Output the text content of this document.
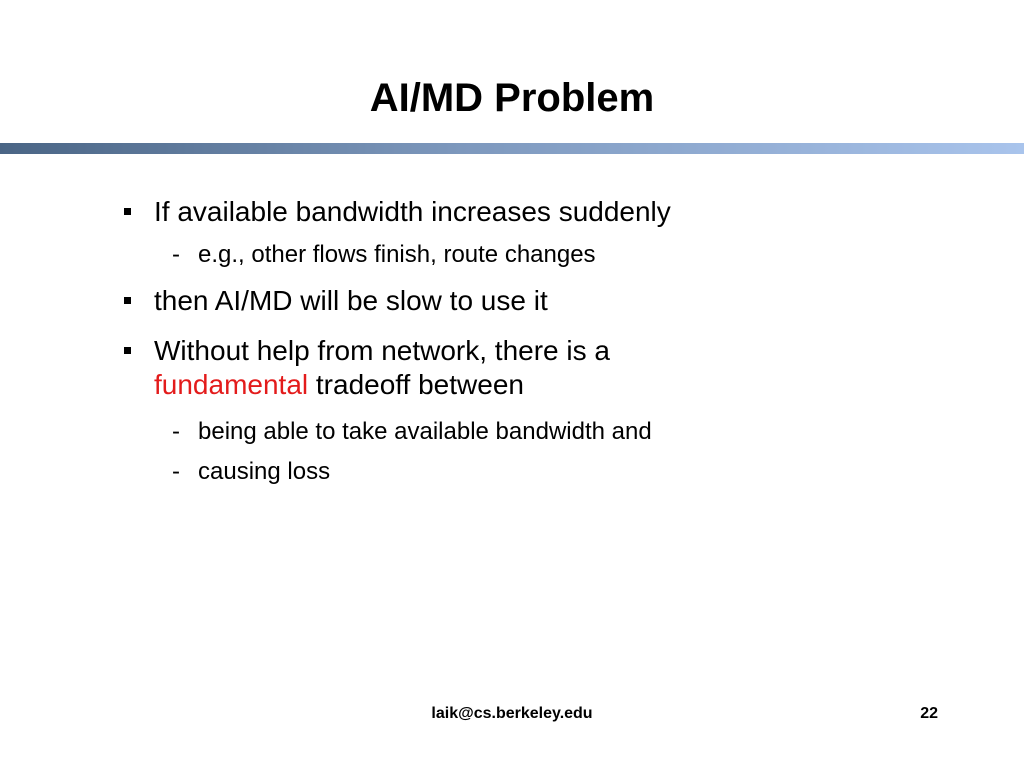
AI/MD Problem
If available bandwidth increases suddenly
- e.g., other flows finish, route changes
then AI/MD will be slow to use it
Without help from network, there is a
fundamental tradeoff between
- being able to take available bandwidth and
- causing loss
laik@cs.berkeley.edu	22
